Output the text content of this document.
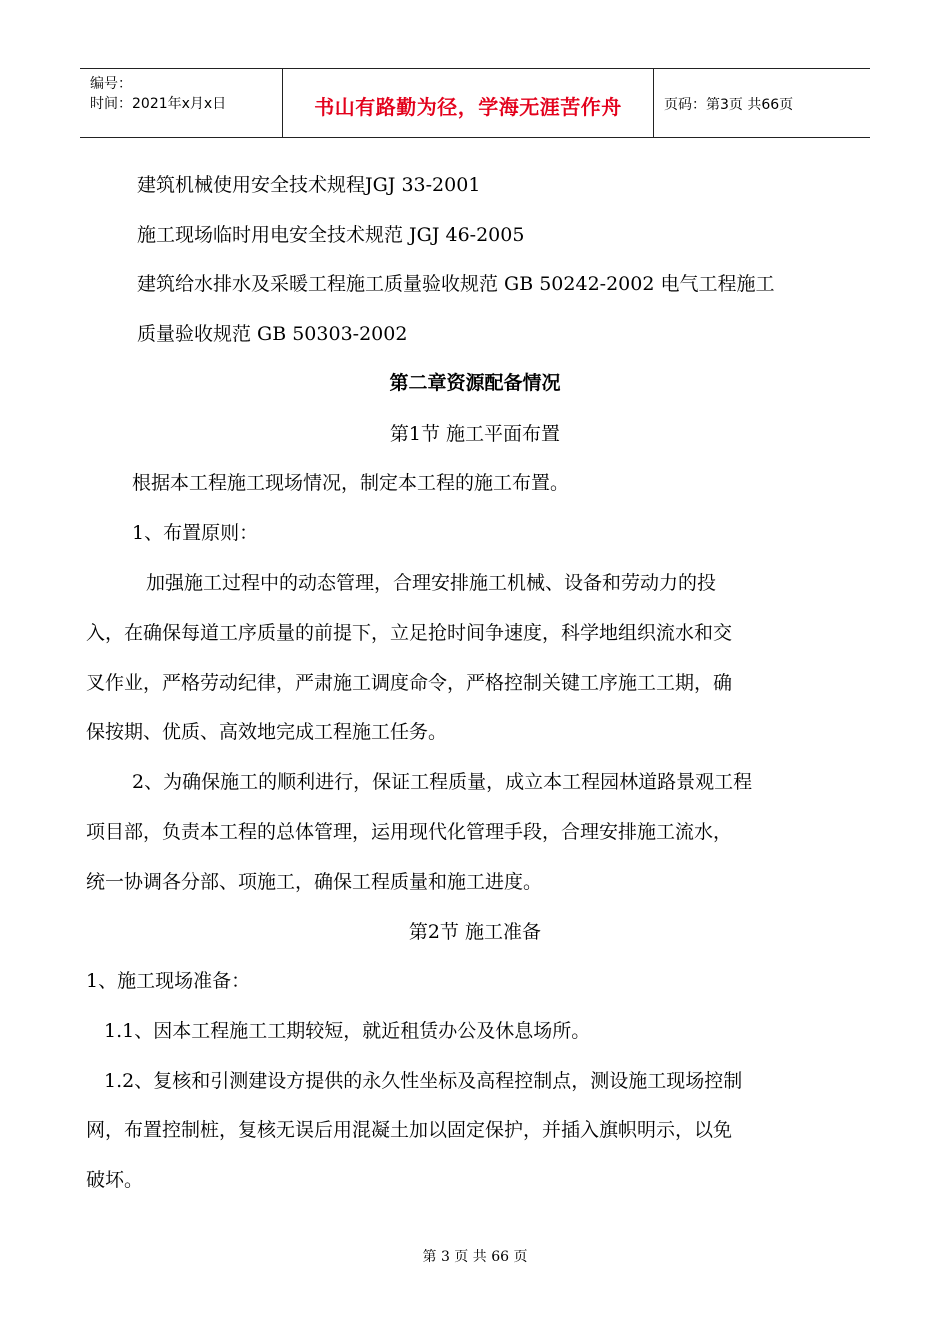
编号：
时间：2021年x月x日	书山有路勤为径，学海无涯苦作舟	页码：第3页 共66页
建筑机械使用安全技术规程JGJ 33-2001
施工现场临时用电安全技术规范 JGJ 46-2005
建筑给水排水及采暖工程施工质量验收规范 GB 50242-2002 电气工程施工
质量验收规范 GB 50303-2002
第二章资源配备情况
第1节 施工平面布置
根据本工程施工现场情况，制定本工程的施工布置。
1、布置原则：
加强施工过程中的动态管理，合理安排施工机械、设备和劳动力的投
入，在确保每道工序质量的前提下，立足抢时间争速度，科学地组织流水和交
叉作业，严格劳动纪律，严肃施工调度命令，严格控制关键工序施工工期，确
保按期、优质、高效地完成工程施工任务。
2、为确保施工的顺利进行，保证工程质量，成立本工程园林道路景观工程
项目部，负责本工程的总体管理，运用现代化管理手段，合理安排施工流水，
统一协调各分部、项施工，确保工程质量和施工进度。
第2节 施工准备
1、施工现场准备：
1.1、因本工程施工工期较短，就近租赁办公及休息场所。
1.2、复核和引测建设方提供的永久性坐标及高程控制点，测设施工现场控制
网，布置控制桩，复核无误后用混凝土加以固定保护，并插入旗帜明示，以免
破坏。
第 3 页 共 66 页
